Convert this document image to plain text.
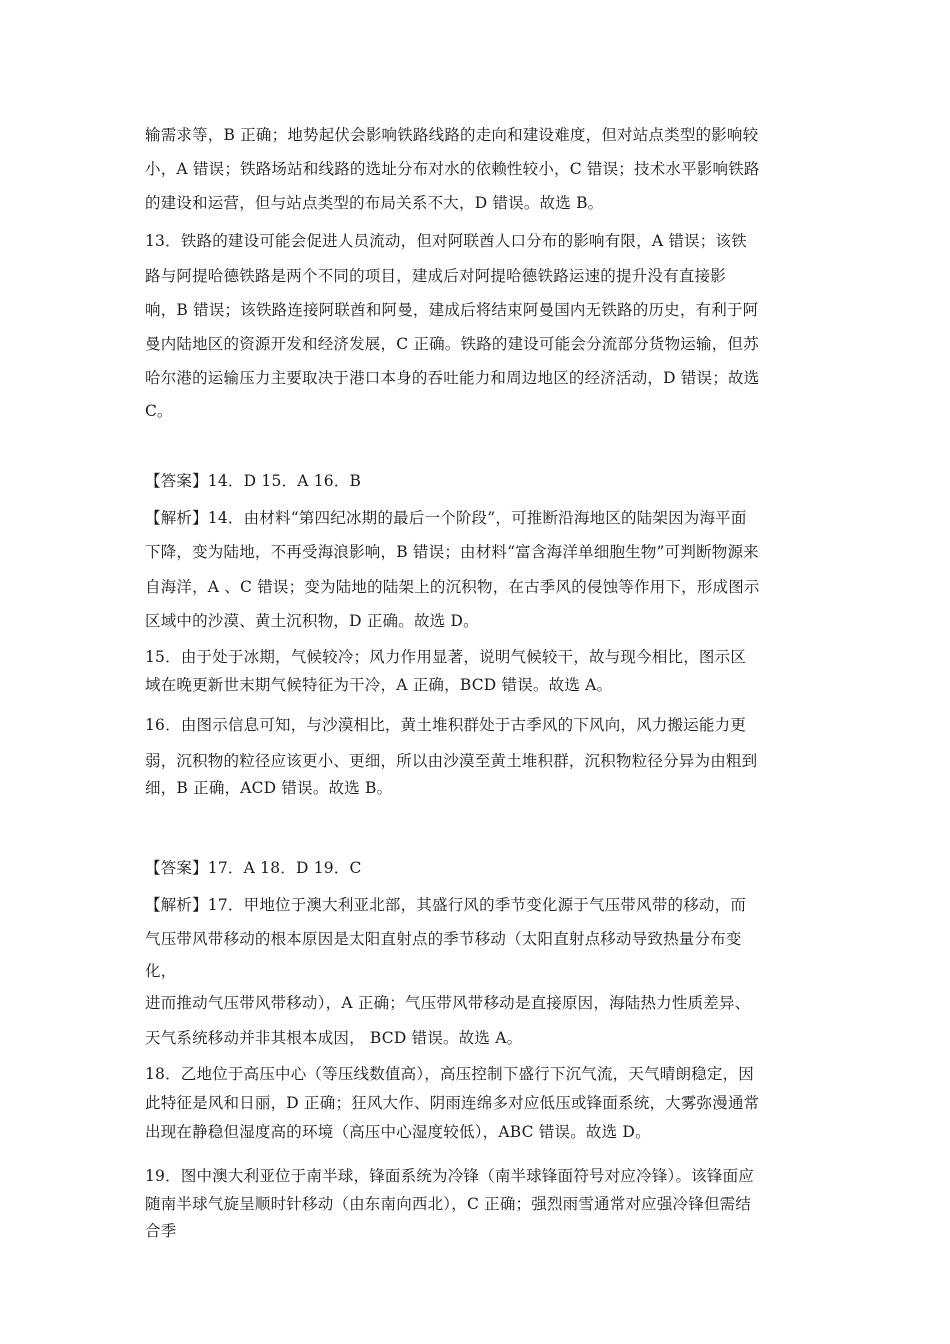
输需求等，B 正确；地势起伏会影响铁路线路的走向和建设难度，但对站点类型的影响较
小，A 错误；铁路场站和线路的选址分布对水的依赖性较小，C 错误；技术水平影响铁路
的建设和运营，但与站点类型的布局关系不大，D 错误。故选 B。
13．铁路的建设可能会促进人员流动，但对阿联酋人口分布的影响有限，A 错误；该铁
路与阿提哈德铁路是两个不同的项目，建成后对阿提哈德铁路运速的提升没有直接影
响，B 错误；该铁路连接阿联酋和阿曼，建成后将结束阿曼国内无铁路的历史，有利于阿
曼内陆地区的资源开发和经济发展，C 正确。铁路的建设可能会分流部分货物运输，但苏
哈尔港的运输压力主要取决于港口本身的吞吐能力和周边地区的经济活动，D 错误；故选
C。
【答案】14．D 15．A 16．B
【解析】14．由材料“第四纪冰期的最后一个阶段”，可推断沿海地区的陆架因为海平面
下降，变为陆地，不再受海浪影响，B 错误；由材料“富含海洋单细胞生物”可判断物源来
自海洋，A 、C 错误；变为陆地的陆架上的沉积物，在古季风的侵蚀等作用下，形成图示
区域中的沙漠、黄土沉积物，D 正确。故选 D。
15．由于处于冰期，气候较冷；风力作用显著，说明气候较干，故与现今相比，图示区
域在晚更新世末期气候特征为干冷，A 正确，BCD 错误。故选 A。
16．由图示信息可知，与沙漠相比，黄土堆积群处于古季风的下风向，风力搬运能力更
弱，沉积物的粒径应该更小、更细，所以由沙漠至黄土堆积群，沉积物粒径分异为由粗到
细，B 正确，ACD 错误。故选 B。
【答案】17．A 18．D 19．C
【解析】17．甲地位于澳大利亚北部，其盛行风的季节变化源于气压带风带的移动，而
气压带风带移动的根本原因是太阳直射点的季节移动（太阳直射点移动导致热量分布变
化，
进而推动气压带风带移动），A 正确；气压带风带移动是直接原因，海陆热力性质差异、
天气系统移动并非其根本成因， BCD 错误。故选 A。
18．乙地位于高压中心（等压线数值高），高压控制下盛行下沉气流，天气晴朗稳定，因
此特征是风和日丽，D 正确；狂风大作、阴雨连绵多对应低压或锋面系统，大雾弥漫通常
出现在静稳但湿度高的环境（高压中心湿度较低），ABC 错误。故选 D。
19．图中澳大利亚位于南半球，锋面系统为冷锋（南半球锋面符号对应冷锋）。该锋面应
随南半球气旋呈顺时针移动（由东南向西北），C 正确；强烈雨雪通常对应强冷锋但需结
合季
